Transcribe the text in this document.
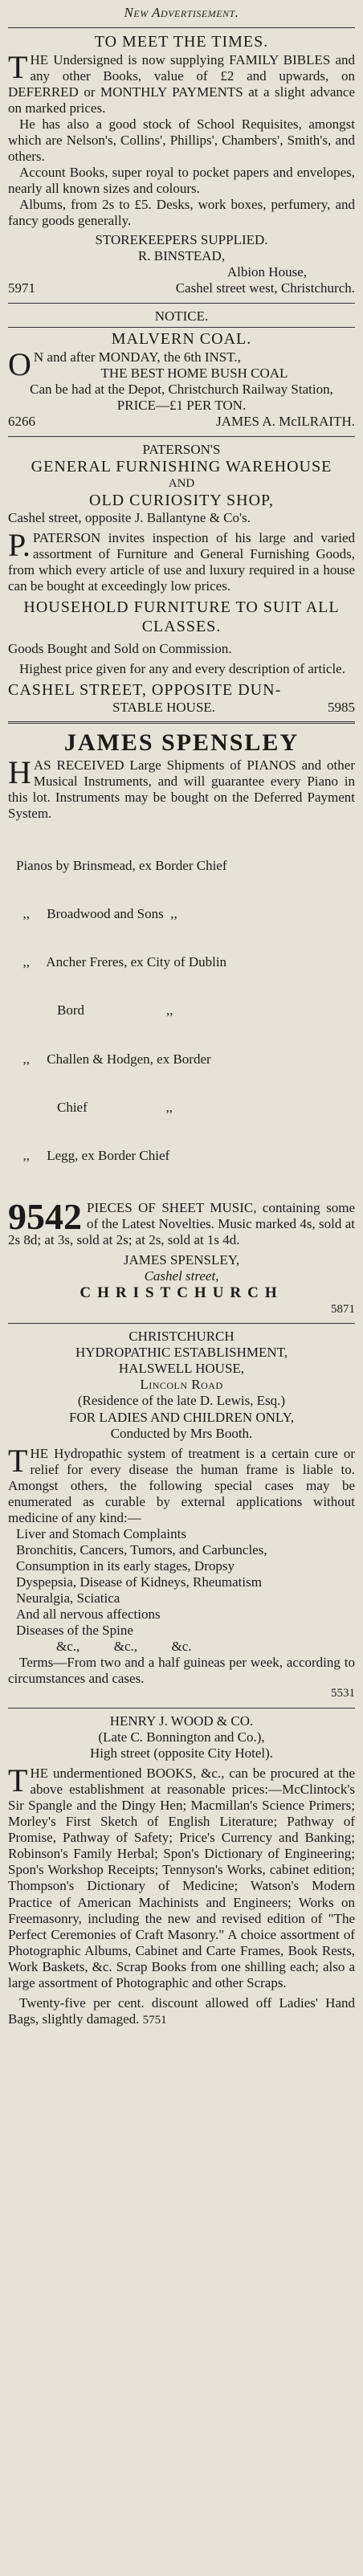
New Advertisement.

TO MEET THE TIMES.

THE Undersigned is now supplying FAMILY BIBLES and any other Books, value of £2 and upwards, on DEFERRED or MONTHLY PAYMENTS at a slight advance on marked prices.

He has also a good stock of School Requisites, amongst which are Nelson's, Collins', Phillips', Chambers', Smith's, and others.

Account Books, super royal to pocket papers and envelopes, nearly all known sizes and colours.

Albums, from 2s to £5. Desks, work boxes, perfumery, and fancy goods generally.

STOREKEEPERS SUPPLIED.

R. BINSTEAD,

Albion House,

5971	Cashel street west, Christchurch.

NOTICE.

MALVERN COAL.

O N and after MONDAY, the 6th INST.,

THE BEST HOME BUSH COAL

Can be had at the Depot, Christchurch Railway Station,

PRICE—£1 PER TON.

6266	JAMES A. McILRAITH.

PATERSON'S

GENERAL FURNISHING WAREHOUSE

AND

OLD CURIOSITY SHOP,

Cashel street, opposite J. Ballantyne & Co's.

P. PATERSON invites inspection of his large and varied assortment of Furniture and General Furnishing Goods, from which every article of use and luxury required in a house can be bought at exceedingly low prices.

HOUSEHOLD FURNITURE TO SUIT ALL CLASSES.

Goods Bought and Sold on Commission.

Highest price given for any and every description of article.

CASHEL STREET, OPPOSITE DUN-

STABLE HOUSE.	5985

JAMES SPENSLEY

HAS RECEIVED Large Shipments of PIANOS and other Musical Instruments, and will guarantee every Piano in this lot. Instruments may be bought on the Deferred Payment System.

Pianos by Brinsmead, ex Border Chief

,,     Broadwood and Sons  ,,

,,     Ancher Freres, ex City of Dublin

Bord                        ,,

,,     Challen & Hodgen, ex Border

Chief                       ,,

,,     Legg, ex Border Chief

9542 PIECES OF SHEET MUSIC, containing some of the Latest Novelties. Music marked 4s, sold at 2s 8d; at 3s, sold at 2s; at 2s, sold at 1s 4d.

JAMES SPENSLEY,

Cashel street,

CHRISTCHURCH

5871

CHRISTCHURCH

HYDROPATHIC ESTABLISHMENT,

HALSWELL HOUSE,

Lincoln Road

(Residence of the late D. Lewis, Esq.)

FOR LADIES AND CHILDREN ONLY,

Conducted by Mrs Booth.

THE Hydropathic system of treatment is a certain cure or relief for every disease the human frame is liable to. Amongst others, the following special cases may be enumerated as curable by external applications without medicine of any kind:—

Liver and Stomach Complaints

Bronchitis, Cancers, Tumors, and Carbuncles,

Consumption in its early stages, Dropsy

Dyspepsia, Disease of Kidneys, Rheumatism

Neuralgia, Sciatica

And all nervous affections

Diseases of the Spine

&c.,          &c.,          &c.

Terms—From two and a half guineas per week, according to circumstances and cases.

5531

HENRY J. WOOD & CO.

(Late C. Bonnington and Co.),

High street (opposite City Hotel).

THE undermentioned BOOKS, &c., can be procured at the above establishment at reasonable prices:—McClintock's Sir Spangle and the Dingy Hen; Macmillan's Science Primers; Morley's First Sketch of English Literature; Pathway of Promise, Pathway of Safety; Price's Currency and Banking; Robinson's Family Herbal; Spon's Dictionary of Engineering; Spon's Workshop Receipts; Tennyson's Works, cabinet edition; Thompson's Dictionary of Medicine; Watson's Modern Practice of American Machinists and Engineers; Works on Freemasonry, including the new and revised edition of "The Perfect Ceremonies of Craft Masonry." A choice assortment of Photographic Albums, Cabinet and Carte Frames, Book Rests, Work Baskets, &c. Scrap Books from one shilling each; also a large assortment of Photographic and other Scraps.

Twenty-five per cent. discount allowed off Ladies' Hand Bags, slightly damaged. 5751
